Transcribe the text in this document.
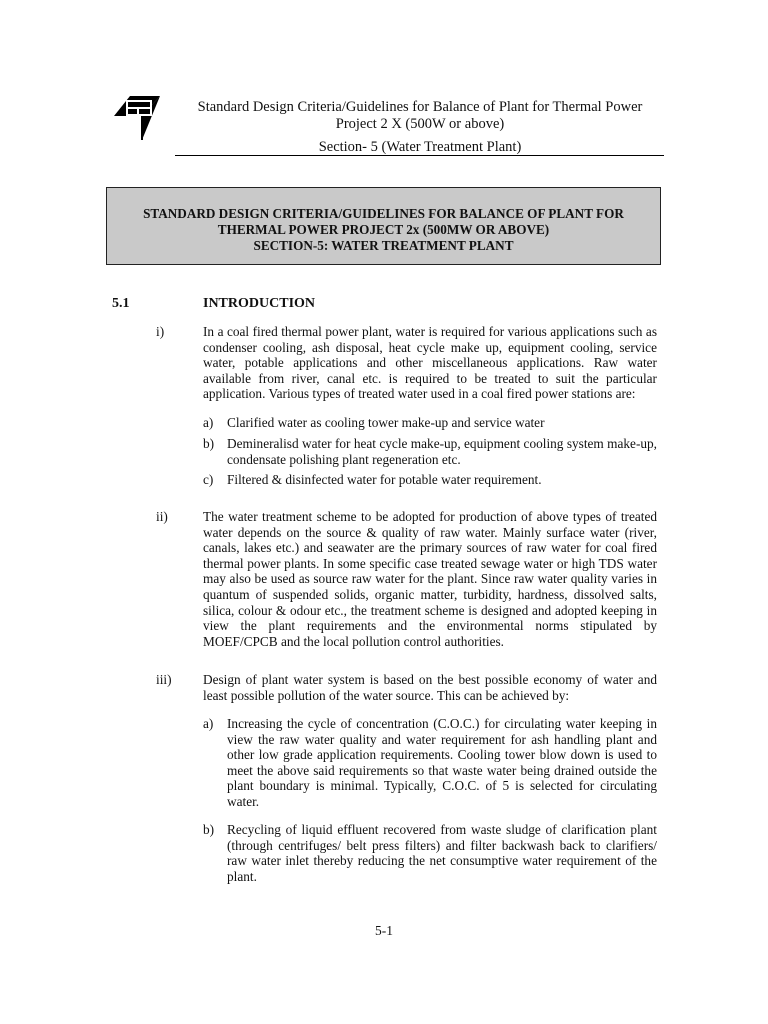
Standard Design Criteria/Guidelines for Balance of Plant for Thermal Power
Project 2 X (500W or above)
Section- 5 (Water Treatment Plant)
STANDARD DESIGN CRITERIA/GUIDELINES FOR BALANCE OF PLANT FOR
THERMAL POWER PROJECT 2x (500MW OR ABOVE)
SECTION-5: WATER TREATMENT PLANT
5.1	INTRODUCTION
i)	In a coal fired thermal power plant, water is required for various applications such as condenser cooling, ash disposal, heat cycle make up, equipment cooling, service water, potable applications and other miscellaneous applications. Raw water available from river, canal etc. is required to be treated to suit the particular application. Various types of treated water used in a coal fired power stations are:
a) Clarified water as cooling tower make-up and service water
b) Demineralisd water for heat cycle make-up, equipment cooling system make-up, condensate polishing plant regeneration etc.
c) Filtered & disinfected water for potable water requirement.
ii)	The water treatment scheme to be adopted for production of above types of treated water depends on the source & quality of raw water. Mainly surface water (river, canals, lakes etc.) and seawater are the primary sources of raw water for coal fired thermal power plants. In some specific case treated sewage water or high TDS water may also be used as source raw water for the plant. Since raw water quality varies in quantum of suspended solids, organic matter, turbidity, hardness, dissolved salts, silica, colour & odour etc., the treatment scheme is designed and adopted keeping in view the plant requirements and the environmental norms stipulated by MOEF/CPCB and the local pollution control authorities.
iii) Design of plant water system is based on the best possible economy of water and least possible pollution of the water source. This can be achieved by:
a) Increasing the cycle of concentration (C.O.C.) for circulating water keeping in view the raw water quality and water requirement for ash handling plant and other low grade application requirements. Cooling tower blow down is used to meet the above said requirements so that waste water being drained outside the plant boundary is minimal. Typically, C.O.C. of 5 is selected for circulating water.
b) Recycling of liquid effluent recovered from waste sludge of clarification plant (through centrifuges/ belt press filters) and filter backwash back to clarifiers/ raw water inlet thereby reducing the net consumptive water requirement of the plant.
5-1
